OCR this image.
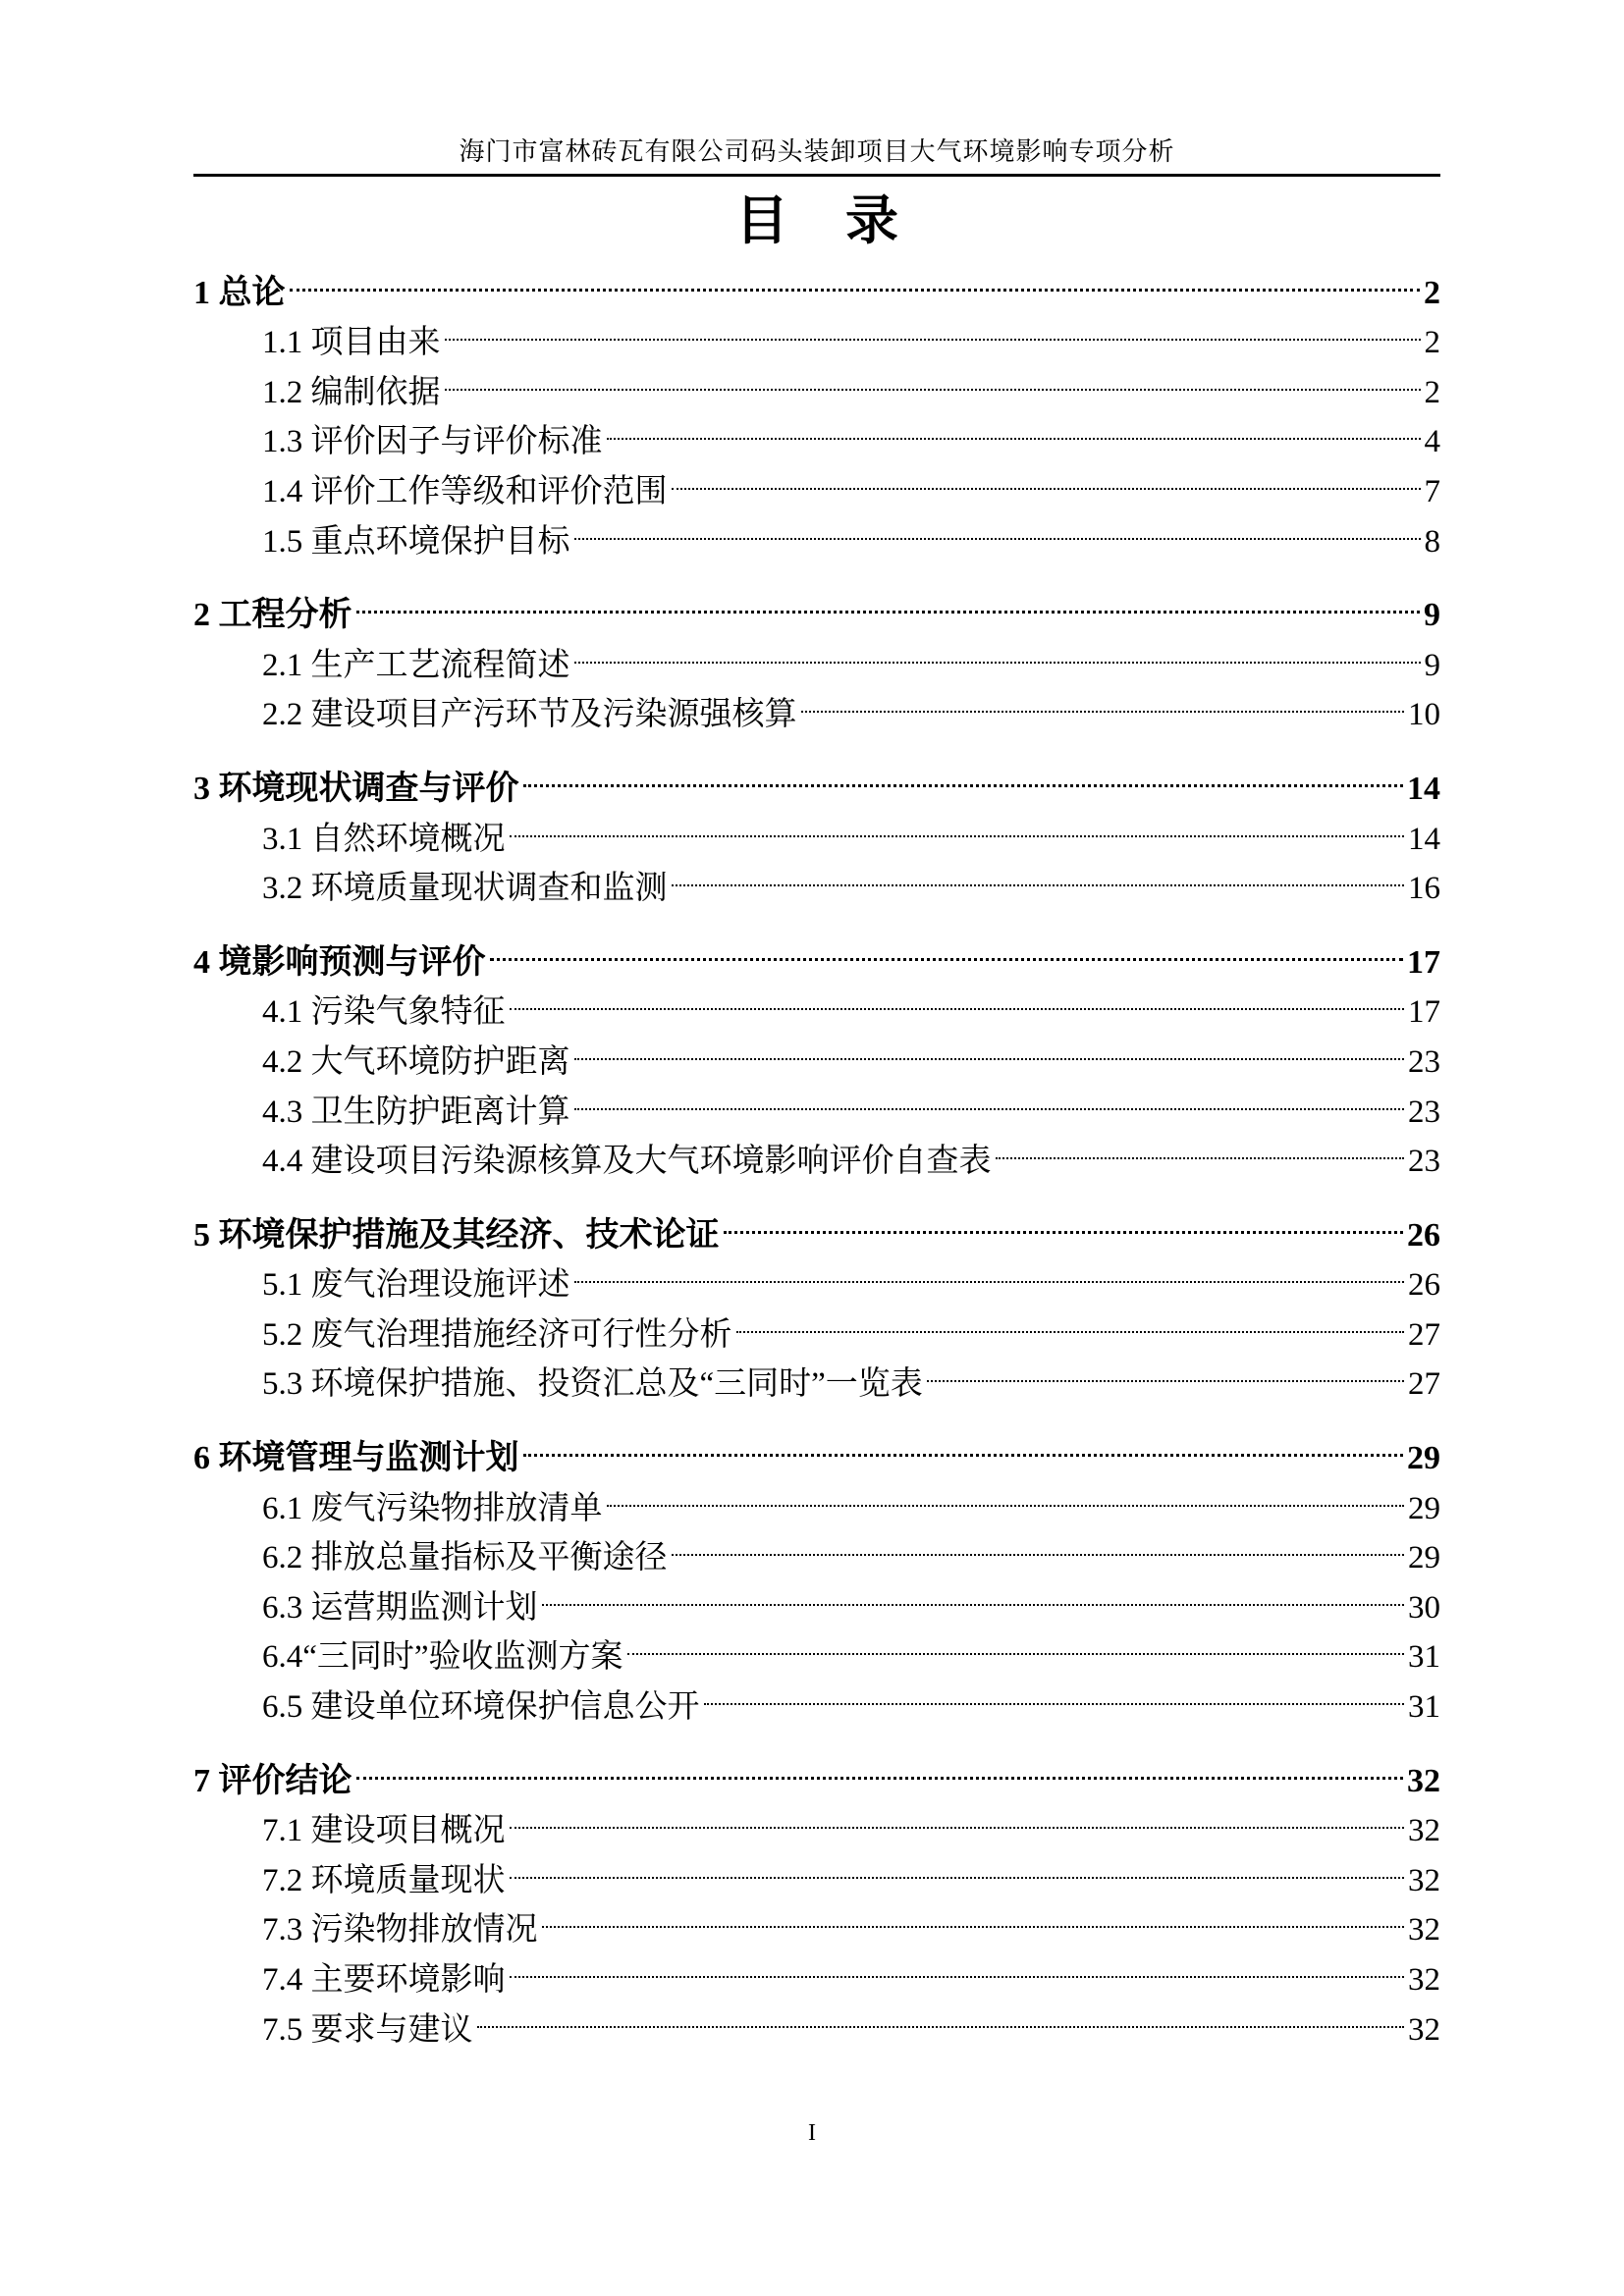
海门市富林砖瓦有限公司码头装卸项目大气环境影响专项分析
目录
1 总论	2
1.1 项目由来	2
1.2 编制依据	2
1.3 评价因子与评价标准	4
1.4 评价工作等级和评价范围	7
1.5 重点环境保护目标	8
2 工程分析	9
2.1 生产工艺流程简述	9
2.2 建设项目产污环节及污染源强核算	10
3 环境现状调查与评价	14
3.1 自然环境概况	14
3.2 环境质量现状调查和监测	16
4 境影响预测与评价	17
4.1 污染气象特征	17
4.2 大气环境防护距离	23
4.3 卫生防护距离计算	23
4.4 建设项目污染源核算及大气环境影响评价自查表	23
5 环境保护措施及其经济、技术论证	26
5.1 废气治理设施评述	26
5.2 废气治理措施经济可行性分析	27
5.3 环境保护措施、投资汇总及“三同时”一览表	27
6 环境管理与监测计划	29
6.1 废气污染物排放清单	29
6.2 排放总量指标及平衡途径	29
6.3 运营期监测计划	30
6.4“三同时”验收监测方案	31
6.5 建设单位环境保护信息公开	31
7 评价结论	32
7.1 建设项目概况	32
7.2 环境质量现状	32
7.3 污染物排放情况	32
7.4 主要环境影响	32
7.5 要求与建议	32
I
